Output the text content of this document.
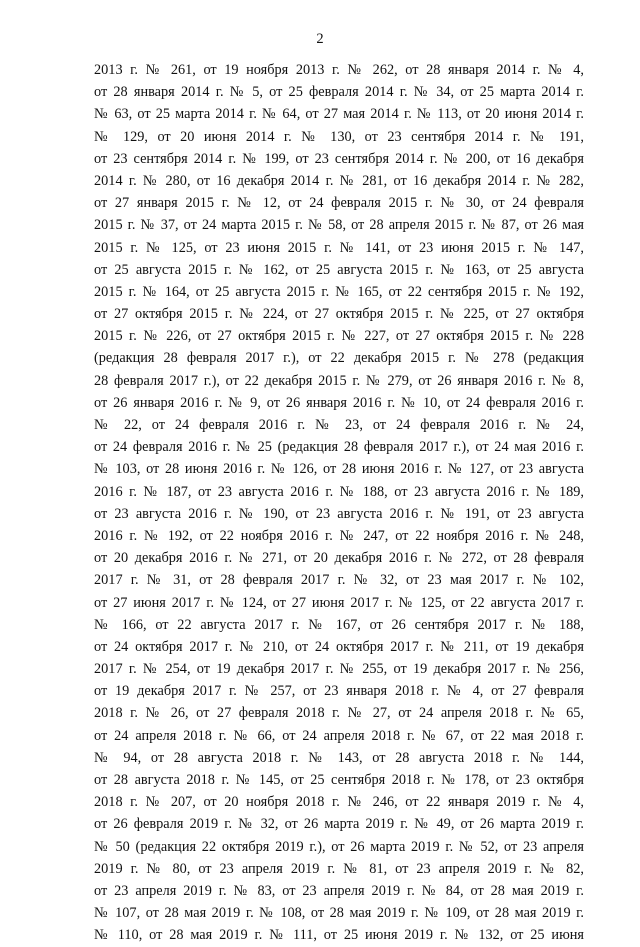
2
2013 г. № 261, от 19 ноября 2013 г. № 262, от 28 января 2014 г. № 4,
от 28 января 2014 г. № 5, от 25 февраля 2014 г. № 34, от 25 марта 2014 г.
№ 63, от 25 марта 2014 г. № 64, от 27 мая 2014 г. № 113, от 20 июня 2014 г.
№ 129, от 20 июня 2014 г. № 130, от 23 сентября 2014 г. № 191,
от 23 сентября 2014 г. № 199, от 23 сентября 2014 г. № 200, от 16 декабря
2014 г. № 280, от 16 декабря 2014 г. № 281, от 16 декабря 2014 г. № 282,
от 27 января 2015 г. № 12, от 24 февраля 2015 г. № 30, от 24 февраля
2015 г. № 37, от 24 марта 2015 г. № 58, от 28 апреля 2015 г. № 87, от 26 мая
2015 г. № 125, от 23 июня 2015 г. № 141, от 23 июня 2015 г. № 147,
от 25 августа 2015 г. № 162, от 25 августа 2015 г. № 163, от 25 августа
2015 г. № 164, от 25 августа 2015 г. № 165, от 22 сентября 2015 г. № 192,
от 27 октября 2015 г. № 224, от 27 октября 2015 г. № 225, от 27 октября
2015 г. № 226, от 27 октября 2015 г. № 227, от 27 октября 2015 г. № 228
(редакция 28 февраля 2017 г.), от 22 декабря 2015 г. № 278 (редакция
28 февраля 2017 г.), от 22 декабря 2015 г. № 279, от 26 января 2016 г. № 8,
от 26 января 2016 г. № 9, от 26 января 2016 г. № 10, от 24 февраля 2016 г.
№ 22, от 24 февраля 2016 г. № 23, от 24 февраля 2016 г. № 24,
от 24 февраля 2016 г. № 25 (редакция 28 февраля 2017 г.), от 24 мая 2016 г.
№ 103, от 28 июня 2016 г. № 126, от 28 июня 2016 г. № 127, от 23 августа
2016 г. № 187, от 23 августа 2016 г. № 188, от 23 августа 2016 г. № 189,
от 23 августа 2016 г. № 190, от 23 августа 2016 г. № 191, от 23 августа
2016 г. № 192, от 22 ноября 2016 г. № 247, от 22 ноября 2016 г. № 248,
от 20 декабря 2016 г. № 271, от 20 декабря 2016 г. № 272, от 28 февраля
2017 г. № 31, от 28 февраля 2017 г. № 32, от 23 мая 2017 г. № 102,
от 27 июня 2017 г. № 124, от 27 июня 2017 г. № 125, от 22 августа 2017 г.
№ 166, от 22 августа 2017 г. № 167, от 26 сентября 2017 г. № 188,
от 24 октября 2017 г. № 210, от 24 октября 2017 г. № 211, от 19 декабря
2017 г. № 254, от 19 декабря 2017 г. № 255, от 19 декабря 2017 г. № 256,
от 19 декабря 2017 г. № 257, от 23 января 2018 г. № 4, от 27 февраля
2018 г. № 26, от 27 февраля 2018 г. № 27, от 24 апреля 2018 г. № 65,
от 24 апреля 2018 г. № 66, от 24 апреля 2018 г. № 67, от 22 мая 2018 г.
№ 94, от 28 августа 2018 г. № 143, от 28 августа 2018 г. № 144,
от 28 августа 2018 г. № 145, от 25 сентября 2018 г. № 178, от 23 октября
2018 г. № 207, от 20 ноября 2018 г. № 246, от 22 января 2019 г. № 4,
от 26 февраля 2019 г. № 32, от 26 марта 2019 г. № 49, от 26 марта 2019 г.
№ 50 (редакция 22 октября 2019 г.), от 26 марта 2019 г. № 52, от 23 апреля
2019 г. № 80, от 23 апреля 2019 г. № 81, от 23 апреля 2019 г. № 82,
от 23 апреля 2019 г. № 83, от 23 апреля 2019 г. № 84, от 28 мая 2019 г.
№ 107, от 28 мая 2019 г. № 108, от 28 мая 2019 г. № 109, от 28 мая 2019 г.
№ 110, от 28 мая 2019 г. № 111, от 25 июня 2019 г. № 132, от 25 июня
